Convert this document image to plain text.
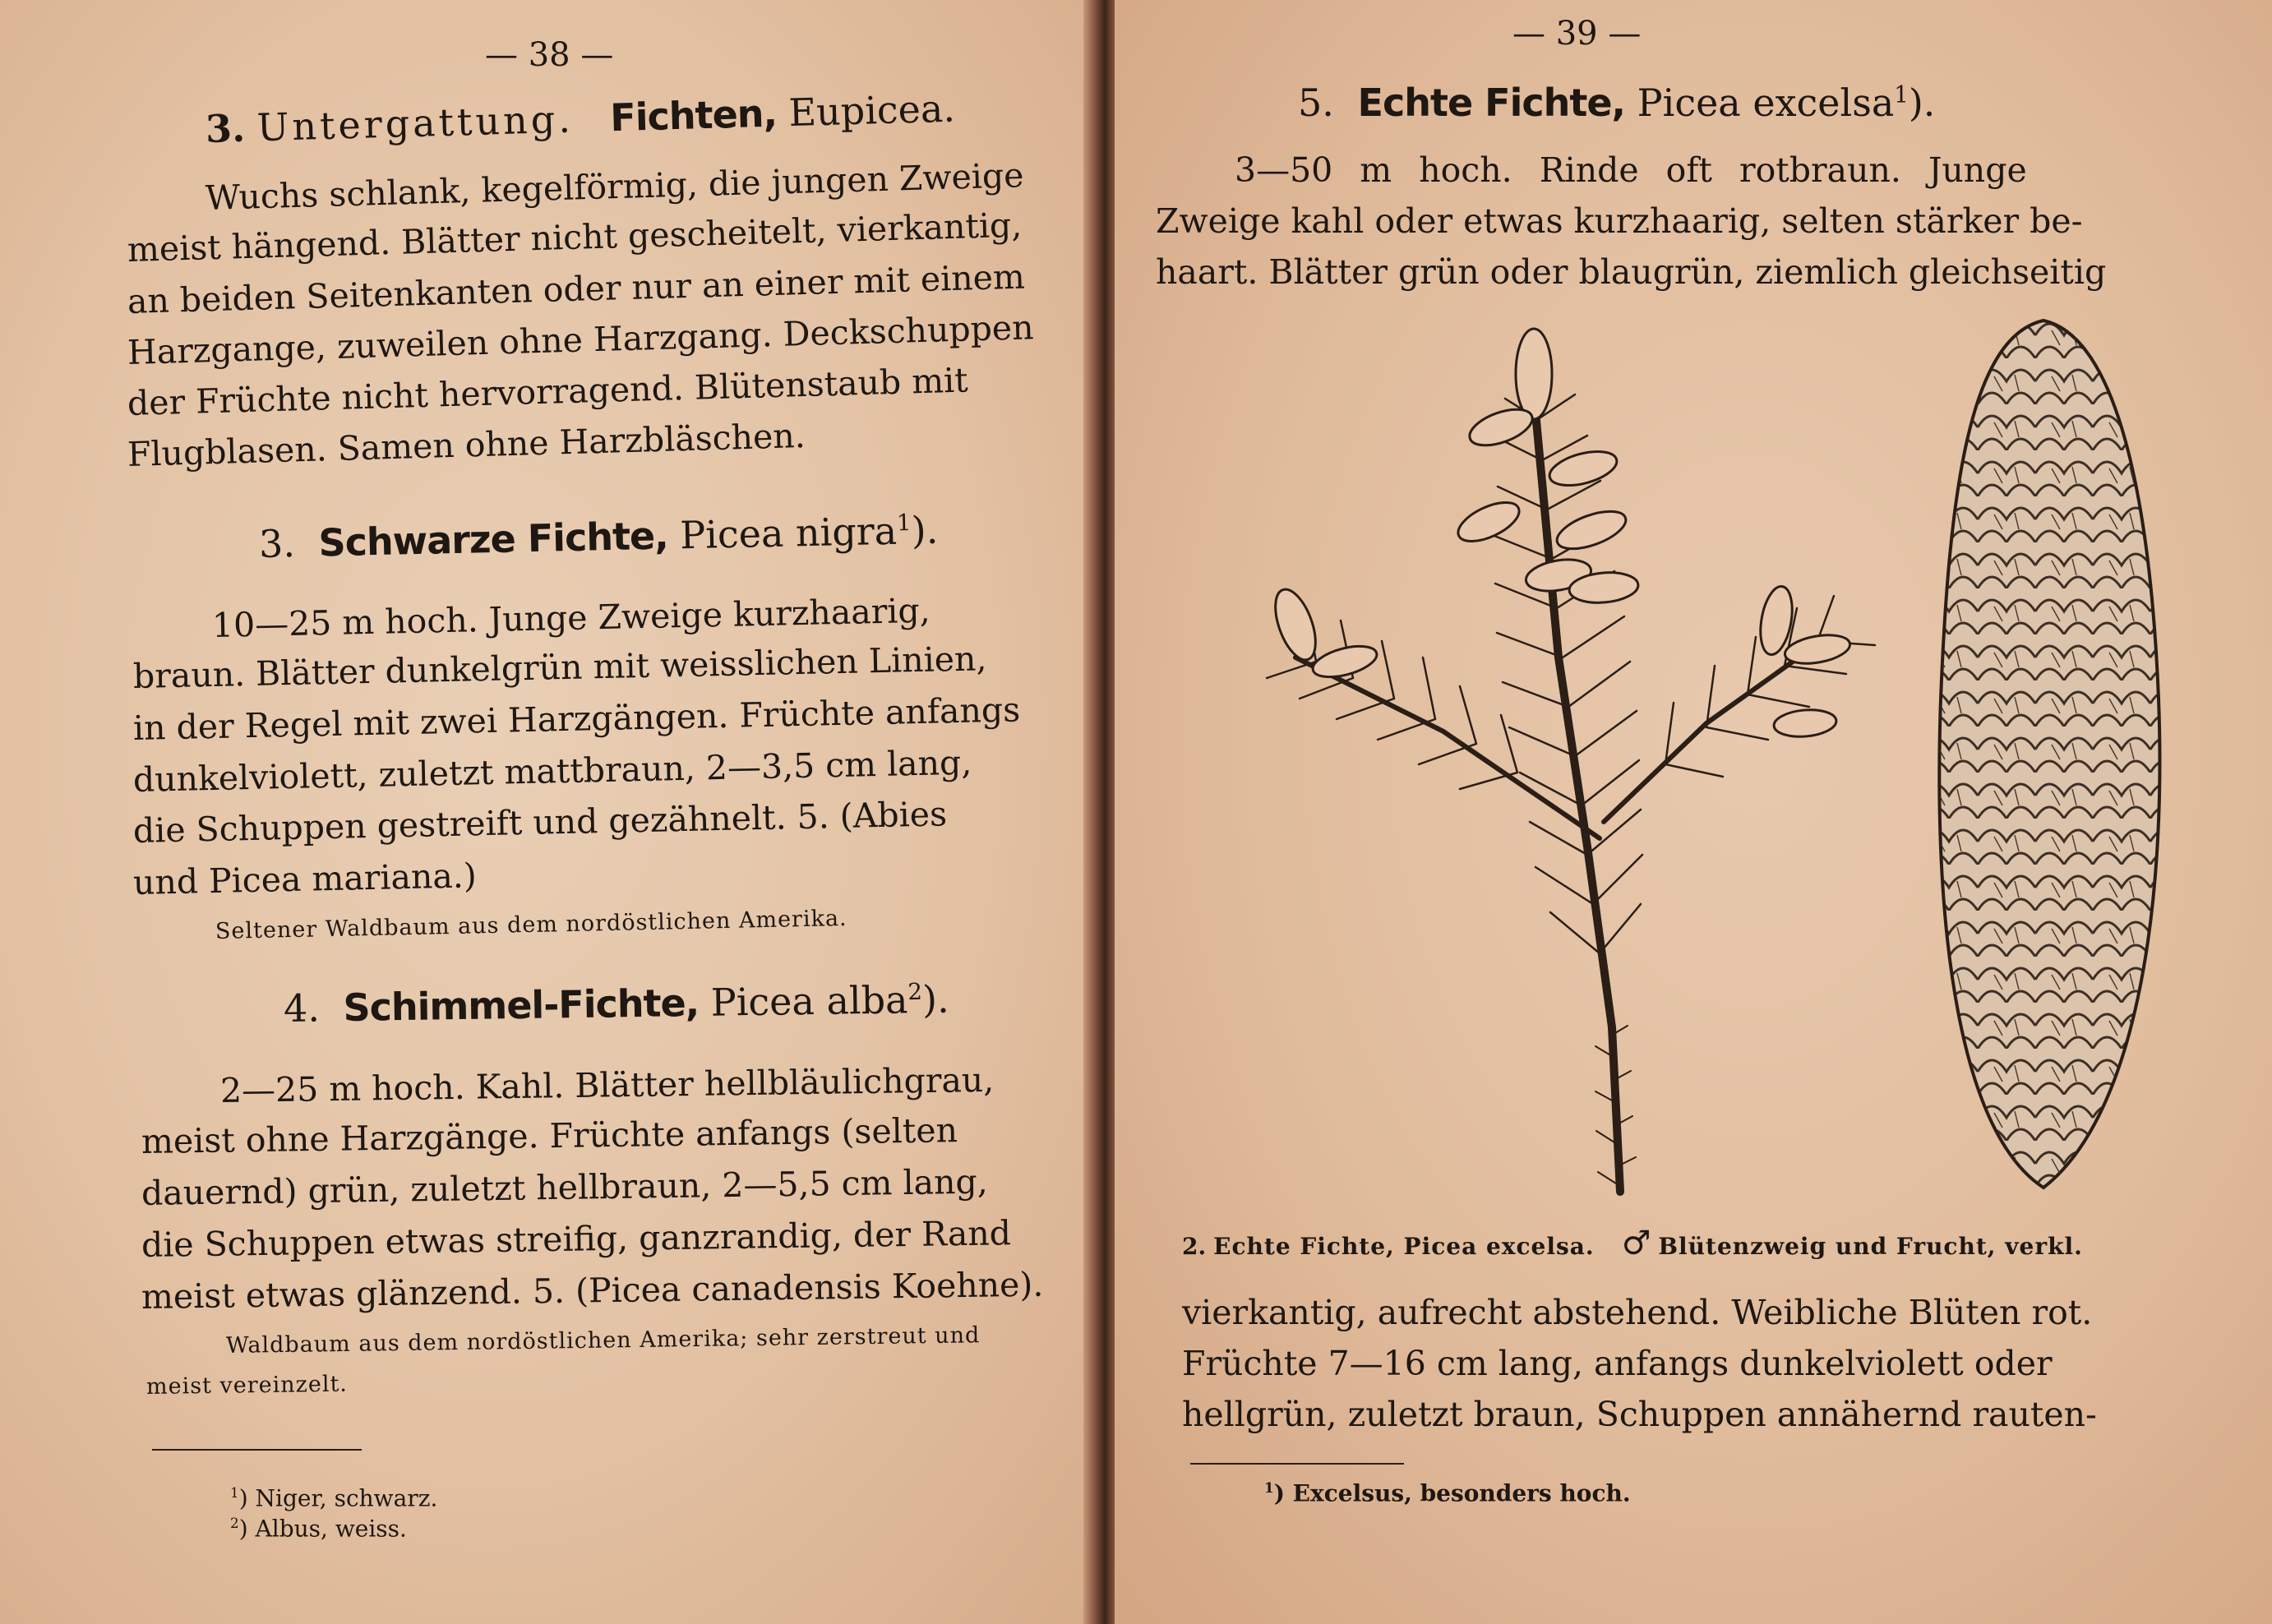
— 38 —
3. Untergattung. Fichten, Eupicea.
Wuchs schlank, kegelförmig, die jungen Zweige
meist hängend. Blätter nicht gescheitelt, vierkantig,
an beiden Seitenkanten oder nur an einer mit einem
Harzgange, zuweilen ohne Harzgang. Deckschuppen
der Früchte nicht hervorragend. Blütenstaub mit
Flugblasen. Samen ohne Harzbläschen.
3. Schwarze Fichte, Picea nigra$^1$).
10—25 m hoch. Junge Zweige kurzhaarig,
braun. Blätter dunkelgrün mit weisslichen Linien,
in der Regel mit zwei Harzgängen. Früchte anfangs
dunkelviolett, zuletzt mattbraun, 2—3,5 cm lang,
die Schuppen gestreift und gezähnelt. 5. (Abies
und Picea mariana.)
Seltener Waldbaum aus dem nordöstlichen Amerika.
4. Schimmel-Fichte, Picea alba$^2$).
2—25 m hoch. Kahl. Blätter hellbläulichgrau,
meist ohne Harzgänge. Früchte anfangs (selten
dauernd) grün, zuletzt hellbraun, 2—5,5 cm lang,
die Schuppen etwas streifig, ganzrandig, der Rand
meist etwas glänzend. 5. (Picea canadensis Koehne).
Waldbaum aus dem nordöstlichen Amerika; sehr zerstreut und
meist vereinzelt.
$^1$) Niger, schwarz.
$^2$) Albus, weiss.
— 39 —
5. Echte Fichte, Picea excelsa$^1$).
3—50 m hoch. Rinde oft rotbraun. Junge
Zweige kahl oder etwas kurzhaarig, selten stärker be-
haart. Blätter grün oder blaugrün, ziemlich gleichseitig
2. Echte Fichte, Picea excelsa. ♂ Blütenzweig und Frucht, verkl.
vierkantig, aufrecht abstehend. Weibliche Blüten rot.
Früchte 7—16 cm lang, anfangs dunkelviolett oder
hellgrün, zuletzt braun, Schuppen annähernd rauten-
$^1$) Excelsus, besonders hoch.
